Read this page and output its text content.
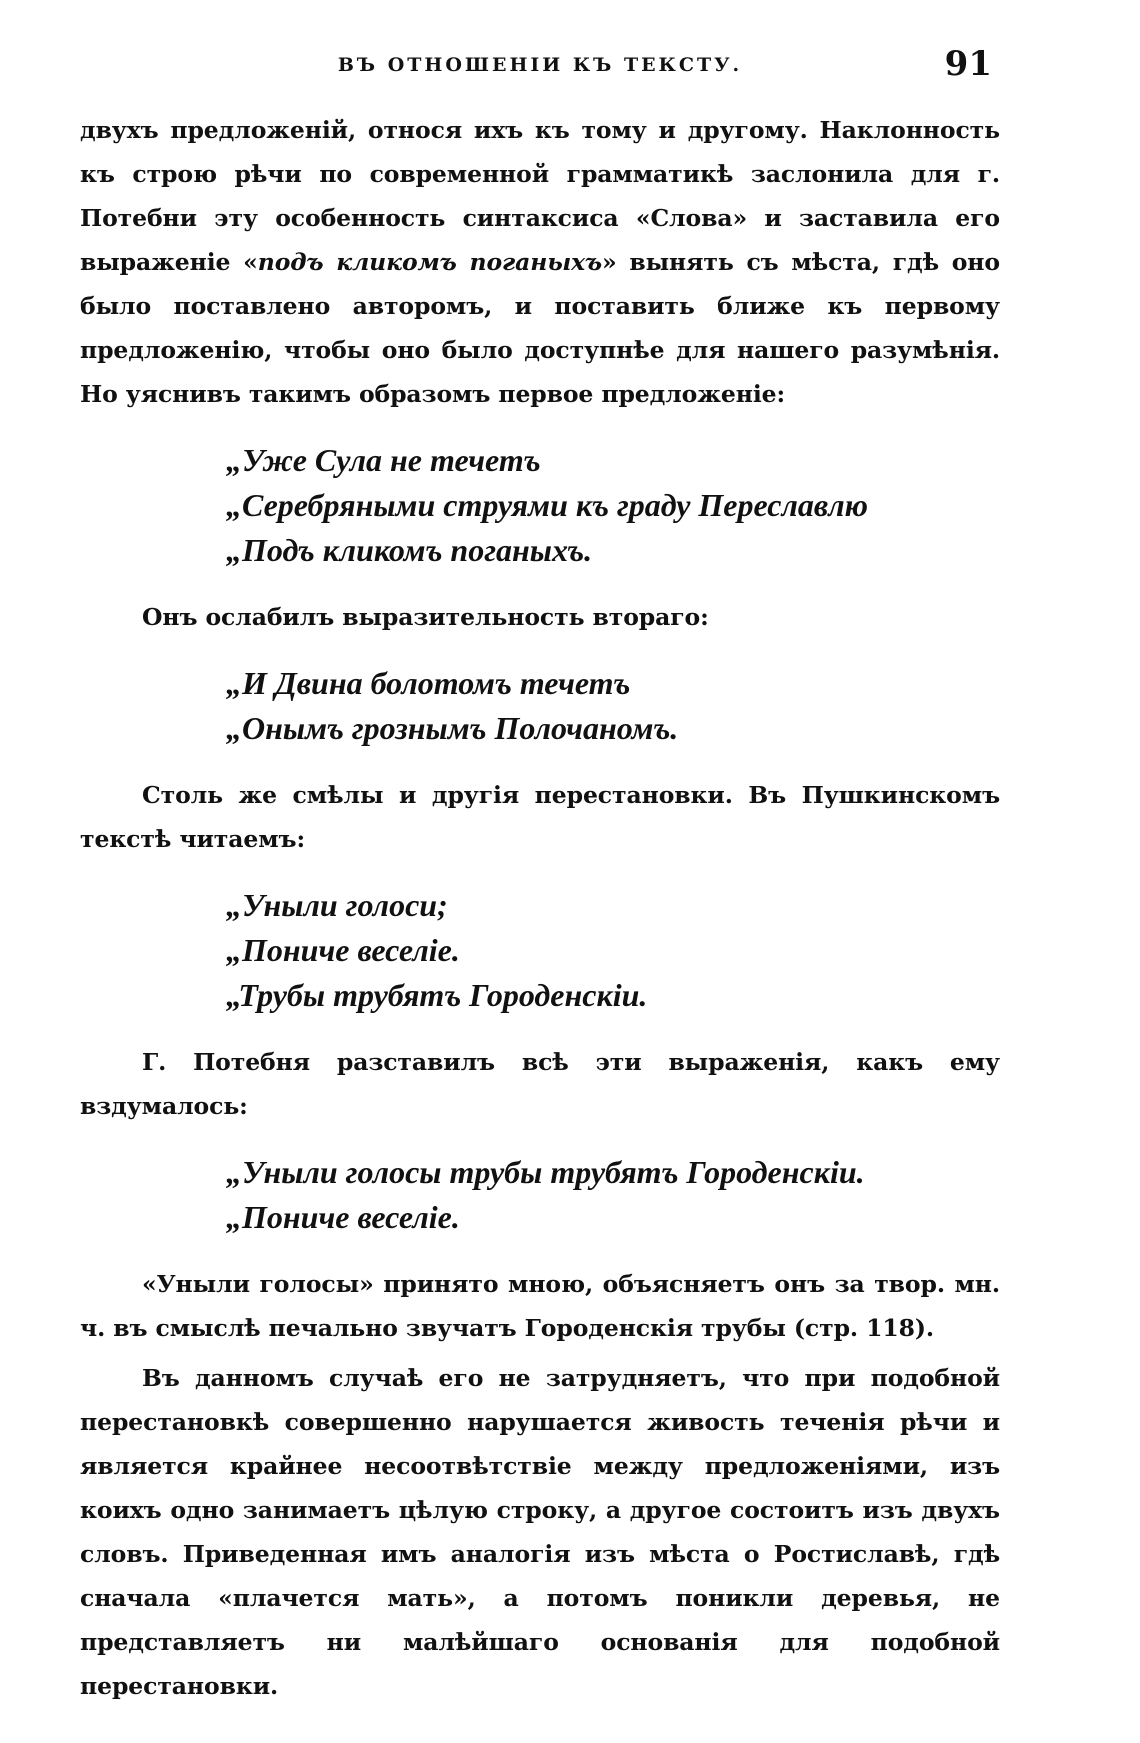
ВЪ ОТНОШЕНІИ КЪ ТЕКСТУ.	91

двухъ предложеній, относя ихъ къ тому и другому. Наклонность къ строю рѣчи по современной грамматикѣ заслонила для г. Потебни эту особенность синтаксиса «Слова» и заставила его выраженіе «подъ кликомъ поганыхъ» вынять съ мѣста, гдѣ оно было поставлено авторомъ, и поставить ближе къ первому предложенію, чтобы оно было доступнѣе для нашего разумѣнія. Но уяснивъ такимъ образомъ первое предложеніе:

„Уже Сула не течетъ
„Серебряными струями къ граду Переславлю
„Подъ кликомъ поганыхъ.

Онъ ослабилъ выразительность втораго:

„И Двина болотомъ течетъ
„Онымъ грознымъ Полочаномъ.

Столь же смѣлы и другія перестановки. Въ Пушкинскомъ текстѣ читаемъ:

„Уныли голоси;
„Пониче веселіе.
„Трубы трубятъ Городенскіи.

Г. Потебня разставилъ всѣ эти выраженія, какъ ему вздумалось:

„Уныли голосы трубы трубятъ Городенскіи.
„Пониче веселіе.

«Уныли голосы» принято мною, объясняетъ онъ за твор. мн. ч. въ смыслѣ печально звучатъ Городенскія трубы (стр. 118).

Въ данномъ случаѣ его не затрудняетъ, что при подобной перестановкѣ совершенно нарушается живость теченія рѣчи и является крайнее несоотвѣтствіе между предложеніями, изъ коихъ одно занимаетъ цѣлую строку, а другое состоитъ изъ двухъ словъ. Приведенная имъ аналогія изъ мѣста о Ростиславѣ, гдѣ сначала «плачется мать», а потомъ поникли деревья, не представляетъ ни малѣйшаго основанія для подобной перестановки.
